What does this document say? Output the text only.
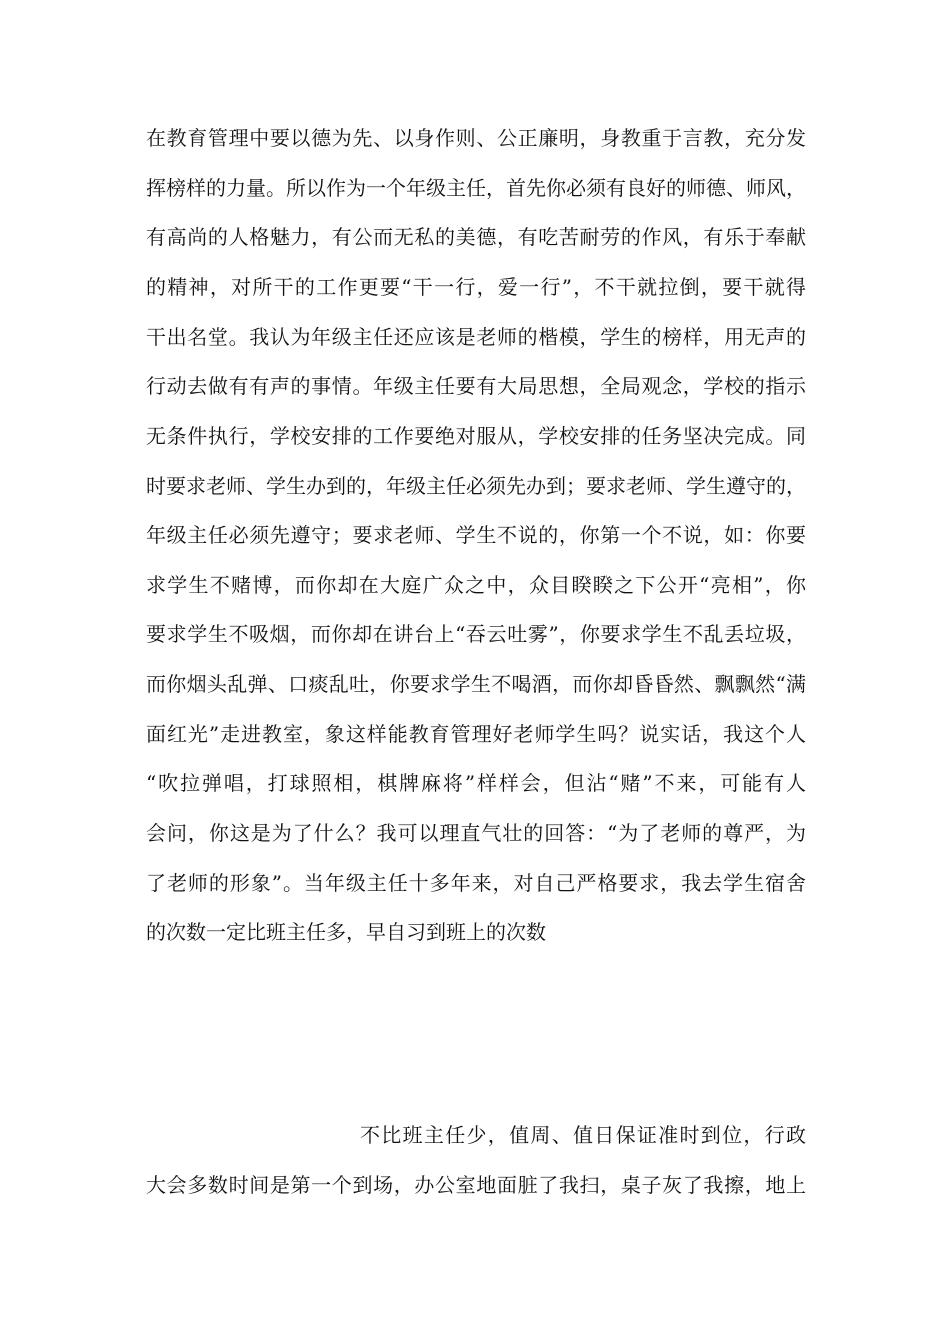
在教育管理中要以德为先、以身作则、公正廉明，身教重于言教，充分发
挥榜样的力量。所以作为一个年级主任，首先你必须有良好的师德、师风，
有高尚的人格魅力，有公而无私的美德，有吃苦耐劳的作风，有乐于奉献
的精神，对所干的工作更要“干一行，爱一行”，不干就拉倒，要干就得
干出名堂。我认为年级主任还应该是老师的楷模，学生的榜样，用无声的
行动去做有有声的事情。年级主任要有大局思想，全局观念，学校的指示
无条件执行，学校安排的工作要绝对服从，学校安排的任务坚决完成。同
时要求老师、学生办到的，年级主任必须先办到；要求老师、学生遵守的，
年级主任必须先遵守；要求老师、学生不说的，你第一个不说，如：你要
求学生不赌博，而你却在大庭广众之中，众目睽睽之下公开“亮相”，你
要求学生不吸烟，而你却在讲台上“吞云吐雾”，你要求学生不乱丢垃圾，
而你烟头乱弹、口痰乱吐，你要求学生不喝酒，而你却昏昏然、飘飘然“满
面红光”走进教室，象这样能教育管理好老师学生吗？说实话，我这个人
“吹拉弹唱，打球照相，棋牌麻将”样样会，但沾“赌”不来，可能有人
会问，你这是为了什么？我可以理直气壮的回答：“为了老师的尊严，为
了老师的形象”。当年级主任十多年来，对自己严格要求，我去学生宿舍
的次数一定比班主任多，早自习到班上的次数
不比班主任少，值周、值日保证准时到位，行政
大会多数时间是第一个到场，办公室地面脏了我扫，桌子灰了我擦，地上
